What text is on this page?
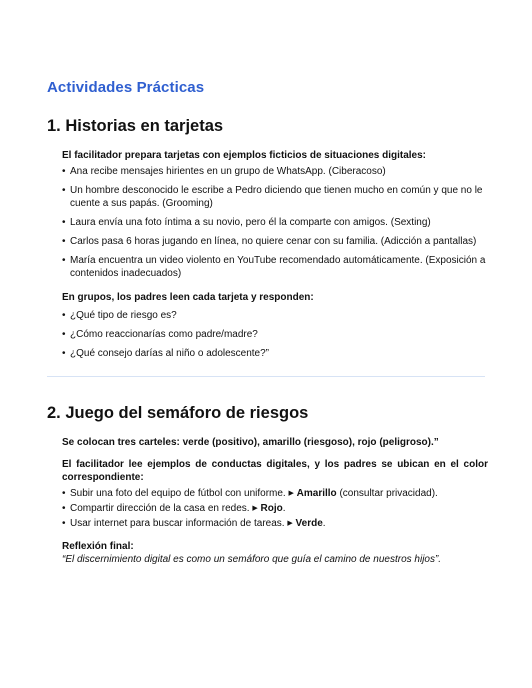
Actividades Prácticas
1. Historias en tarjetas

El facilitador prepara tarjetas con ejemplos ficticios de situaciones digitales:

• Ana recibe mensajes hirientes en un grupo de WhatsApp. (Ciberacoso)
• Un hombre desconocido le escribe a Pedro diciendo que tienen mucho en común y que no le cuente a sus papás. (Grooming)
• Laura envía una foto íntima a su novio, pero él la comparte con amigos. (Sexting)
• Carlos pasa 6 horas jugando en línea, no quiere cenar con su familia. (Adicción a pantallas)
• María encuentra un video violento en YouTube recomendado automáticamente. (Exposición a contenidos inadecuados)

En grupos, los padres leen cada tarjeta y responden:

• ¿Qué tipo de riesgo es?
• ¿Cómo reaccionarías como padre/madre?
• ¿Qué consejo darías al niño o adolescente?”
2. Juego del semáforo de riesgos

Se colocan tres carteles: verde (positivo), amarillo (riesgoso), rojo (peligroso).”

El facilitador lee ejemplos de conductas digitales, y los padres se ubican en el color correspondiente:

• Subir una foto del equipo de fútbol con uniforme. ▶ Amarillo (consultar privacidad).
• Compartir dirección de la casa en redes. ▶ Rojo.
• Usar internet para buscar información de tareas. ▶ Verde.

Reflexión final:

“El discernimiento digital es como un semáforo que guía el camino de nuestros hijos”.
